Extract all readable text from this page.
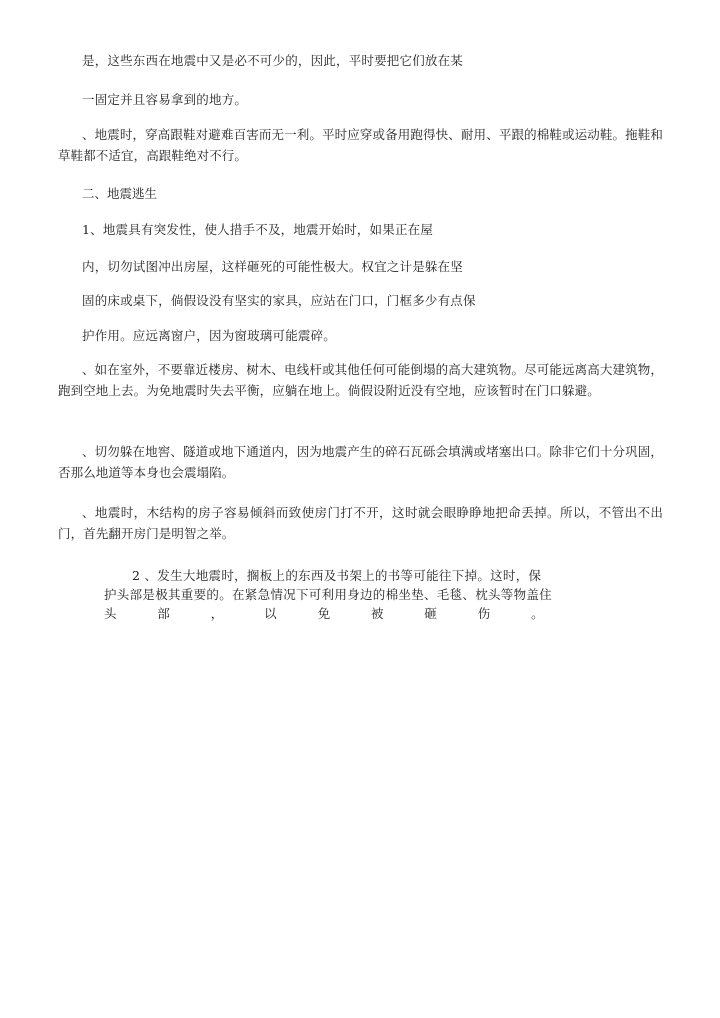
是，这些东西在地震中又是必不可少的，因此，平时要把它们放在某

一固定并且容易拿到的地方。

、地震时，穿高跟鞋对避难百害而无一利。平时应穿或备用跑得快、耐用、平跟的棉鞋或运动鞋。拖鞋和草鞋都不适宜，高跟鞋绝对不行。

二、地震逃生

1、地震具有突发性，使人措手不及，地震开始时，如果正在屋

内，切勿试图冲出房屋，这样砸死的可能性极大。权宜之计是躲在坚

固的床或桌下，倘假设没有坚实的家具，应站在门口，门框多少有点保

护作用。应远离窗户，因为窗玻璃可能震碎。

、如在室外，不要靠近楼房、树木、电线杆或其他任何可能倒塌的高大建筑物。尽可能远离高大建筑物，跑到空地上去。为免地震时失去平衡，应躺在地上。倘假设附近没有空地，应该暂时在门口躲避。

、切勿躲在地窖、隧道或地下通道内，因为地震产生的碎石瓦砾会填满或堵塞出口。除非它们十分巩固，否那么地道等本身也会震塌陷。

、地震时，木结构的房子容易倾斜而致使房门打不开，这时就会眼睁睁地把命丢掉。所以，不管出不出门，首先翻开房门是明智之举。

2 、发生大地震时，搁板上的东西及书架上的书等可能往下掉。这时，保
护头部是极其重要的。在紧急情况下可利用身边的棉坐垫、毛毯、枕头等物盖住
头	部	，	以	免	被	砸	伤	。
